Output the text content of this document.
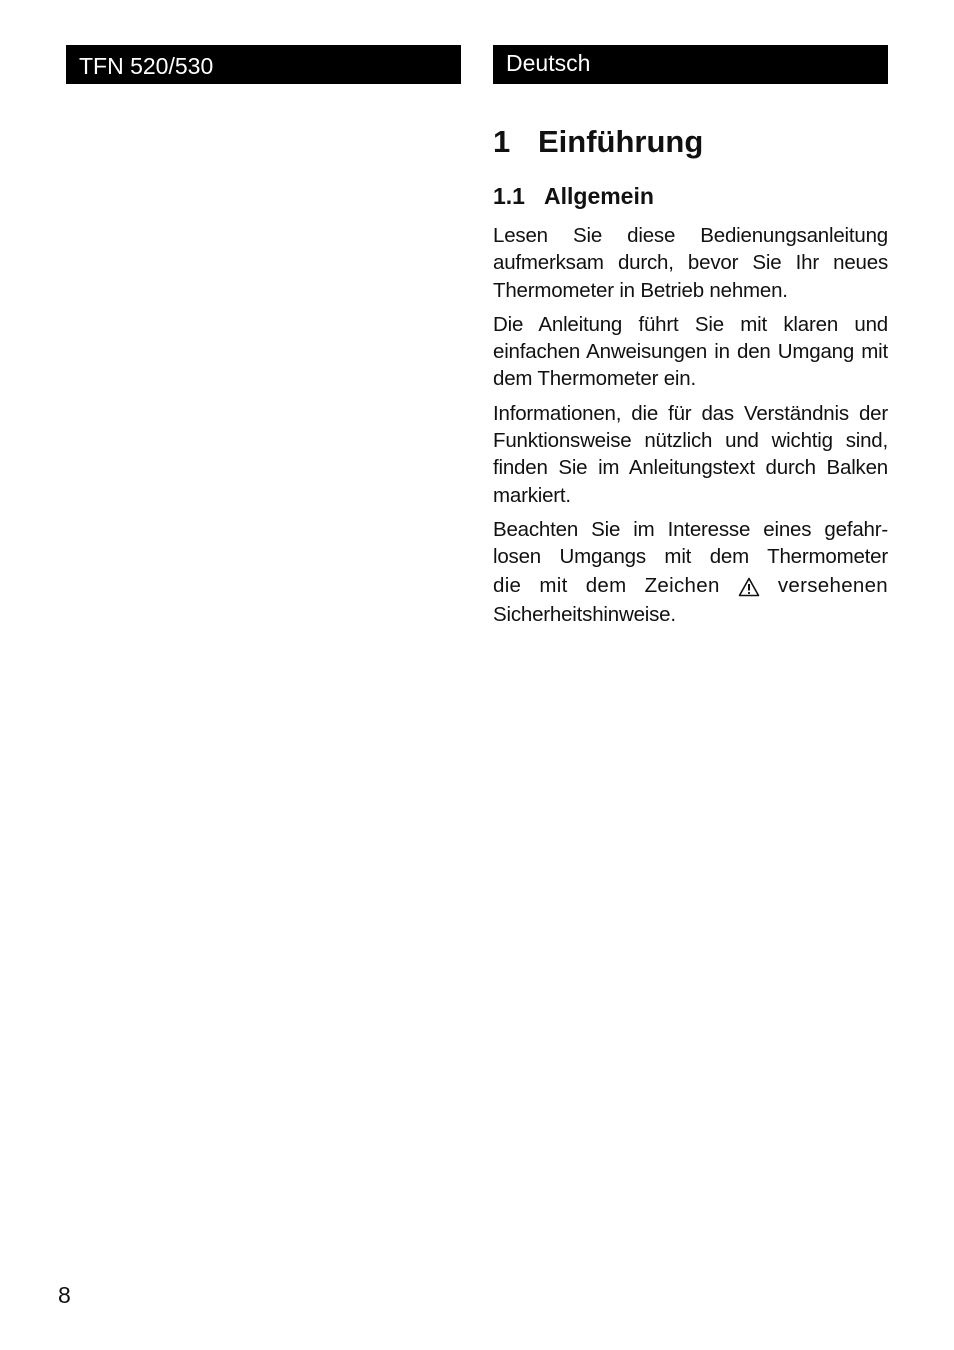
TFN 520/530	Deutsch
1 Einführung
1.1 Allgemein

Lesen Sie diese Bedienungsanleitung aufmerksam durch, bevor Sie Ihr neues Thermometer in Betrieb nehmen.

Die Anleitung führt Sie mit klaren und einfachen Anweisungen in den Umgang mit dem Thermometer ein.

Informationen, die für das Verständnis der Funktionsweise nützlich und wichtig sind, finden Sie im Anleitungstext durch Balken markiert.

Beachten Sie im Interesse eines gefahr-

losen Umgangs mit dem Thermometer

die mit dem Zeichen	versehenen

Sicherheitshinweise.

8
